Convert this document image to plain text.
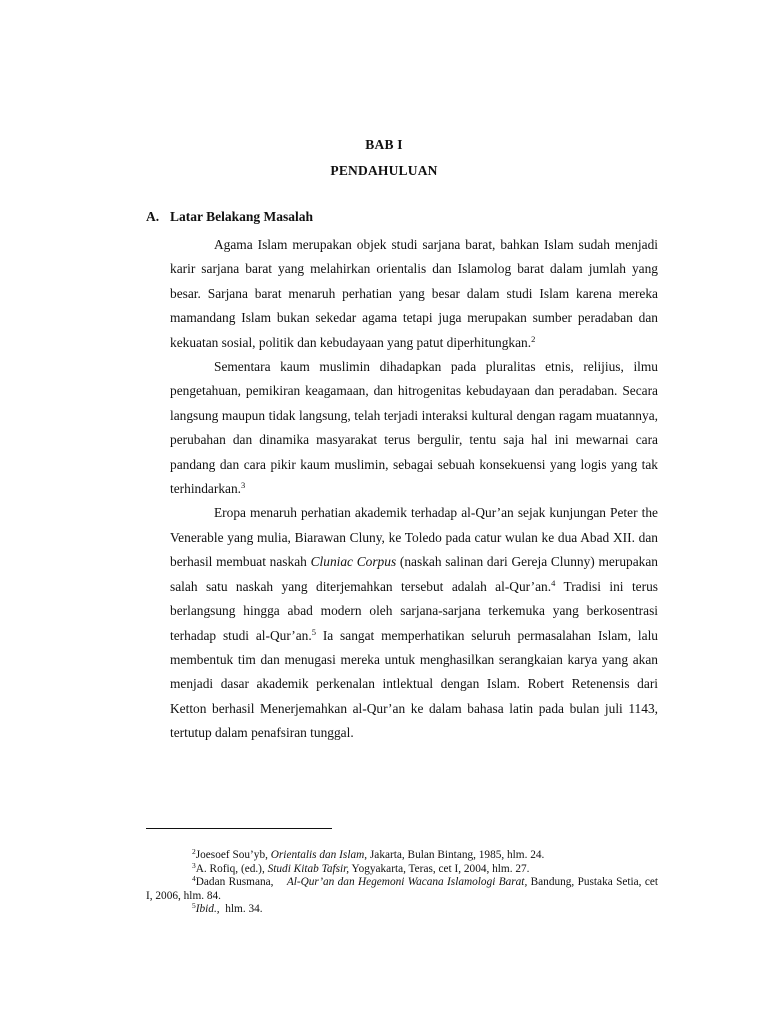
BAB I
PENDAHULUAN
A. Latar Belakang Masalah

Agama Islam merupakan objek studi sarjana barat, bahkan Islam sudah menjadi karir sarjana barat yang melahirkan orientalis dan Islamolog barat dalam jumlah yang besar. Sarjana barat menaruh perhatian yang besar dalam studi Islam karena mereka mamandang Islam bukan sekedar agama tetapi juga merupakan sumber peradaban dan kekuatan sosial, politik dan kebudayaan yang patut diperhitungkan.$^2$

Sementara kaum muslimin dihadapkan pada pluralitas etnis, relijius, ilmu pengetahuan, pemikiran keagamaan, dan hitrogenitas kebudayaan dan peradaban. Secara langsung maupun tidak langsung, telah terjadi interaksi kultural dengan ragam muatannya, perubahan dan dinamika masyarakat terus bergulir, tentu saja hal ini mewarnai cara pandang dan cara pikir kaum muslimin, sebagai sebuah konsekuensi yang logis yang tak terhindarkan.$^3$

Eropa menaruh perhatian akademik terhadap al-Qur’an sejak kunjungan Peter the Venerable yang mulia, Biarawan Cluny, ke Toledo pada catur wulan ke dua Abad XII. dan berhasil membuat naskah Cluniac Corpus (naskah salinan dari Gereja Clunny) merupakan salah satu naskah yang diterjemahkan tersebut adalah al-Qur’an.$^4$ Tradisi ini terus berlangsung hingga abad modern oleh sarjana-sarjana terkemuka yang berkosentrasi terhadap studi al-Qur’an.$^5$ Ia sangat memperhatikan seluruh permasalahan Islam, lalu membentuk tim dan menugasi mereka untuk menghasilkan serangkaian karya yang akan menjadi dasar akademik perkenalan intlektual dengan Islam. Robert Retenensis dari Ketton berhasil Menerjemahkan al-Qur’an ke dalam bahasa latin pada bulan juli 1143, tertutup dalam penafsiran tunggal.

$^2$Joesoef Sou’yb, Orientalis dan Islam, Jakarta, Bulan Bintang, 1985, hlm. 24.

$^3$A. Rofiq, (ed.), Studi Kitab Tafsir, Yogyakarta, Teras, cet I, 2004, hlm. 27.

$^4$Dadan Rusmana,    Al-Qur’an dan Hegemoni Wacana Islamologi Barat, Bandung, Pustaka Setia, cet I, 2006, hlm. 84.

$^5$Ibid.,  hlm. 34.
